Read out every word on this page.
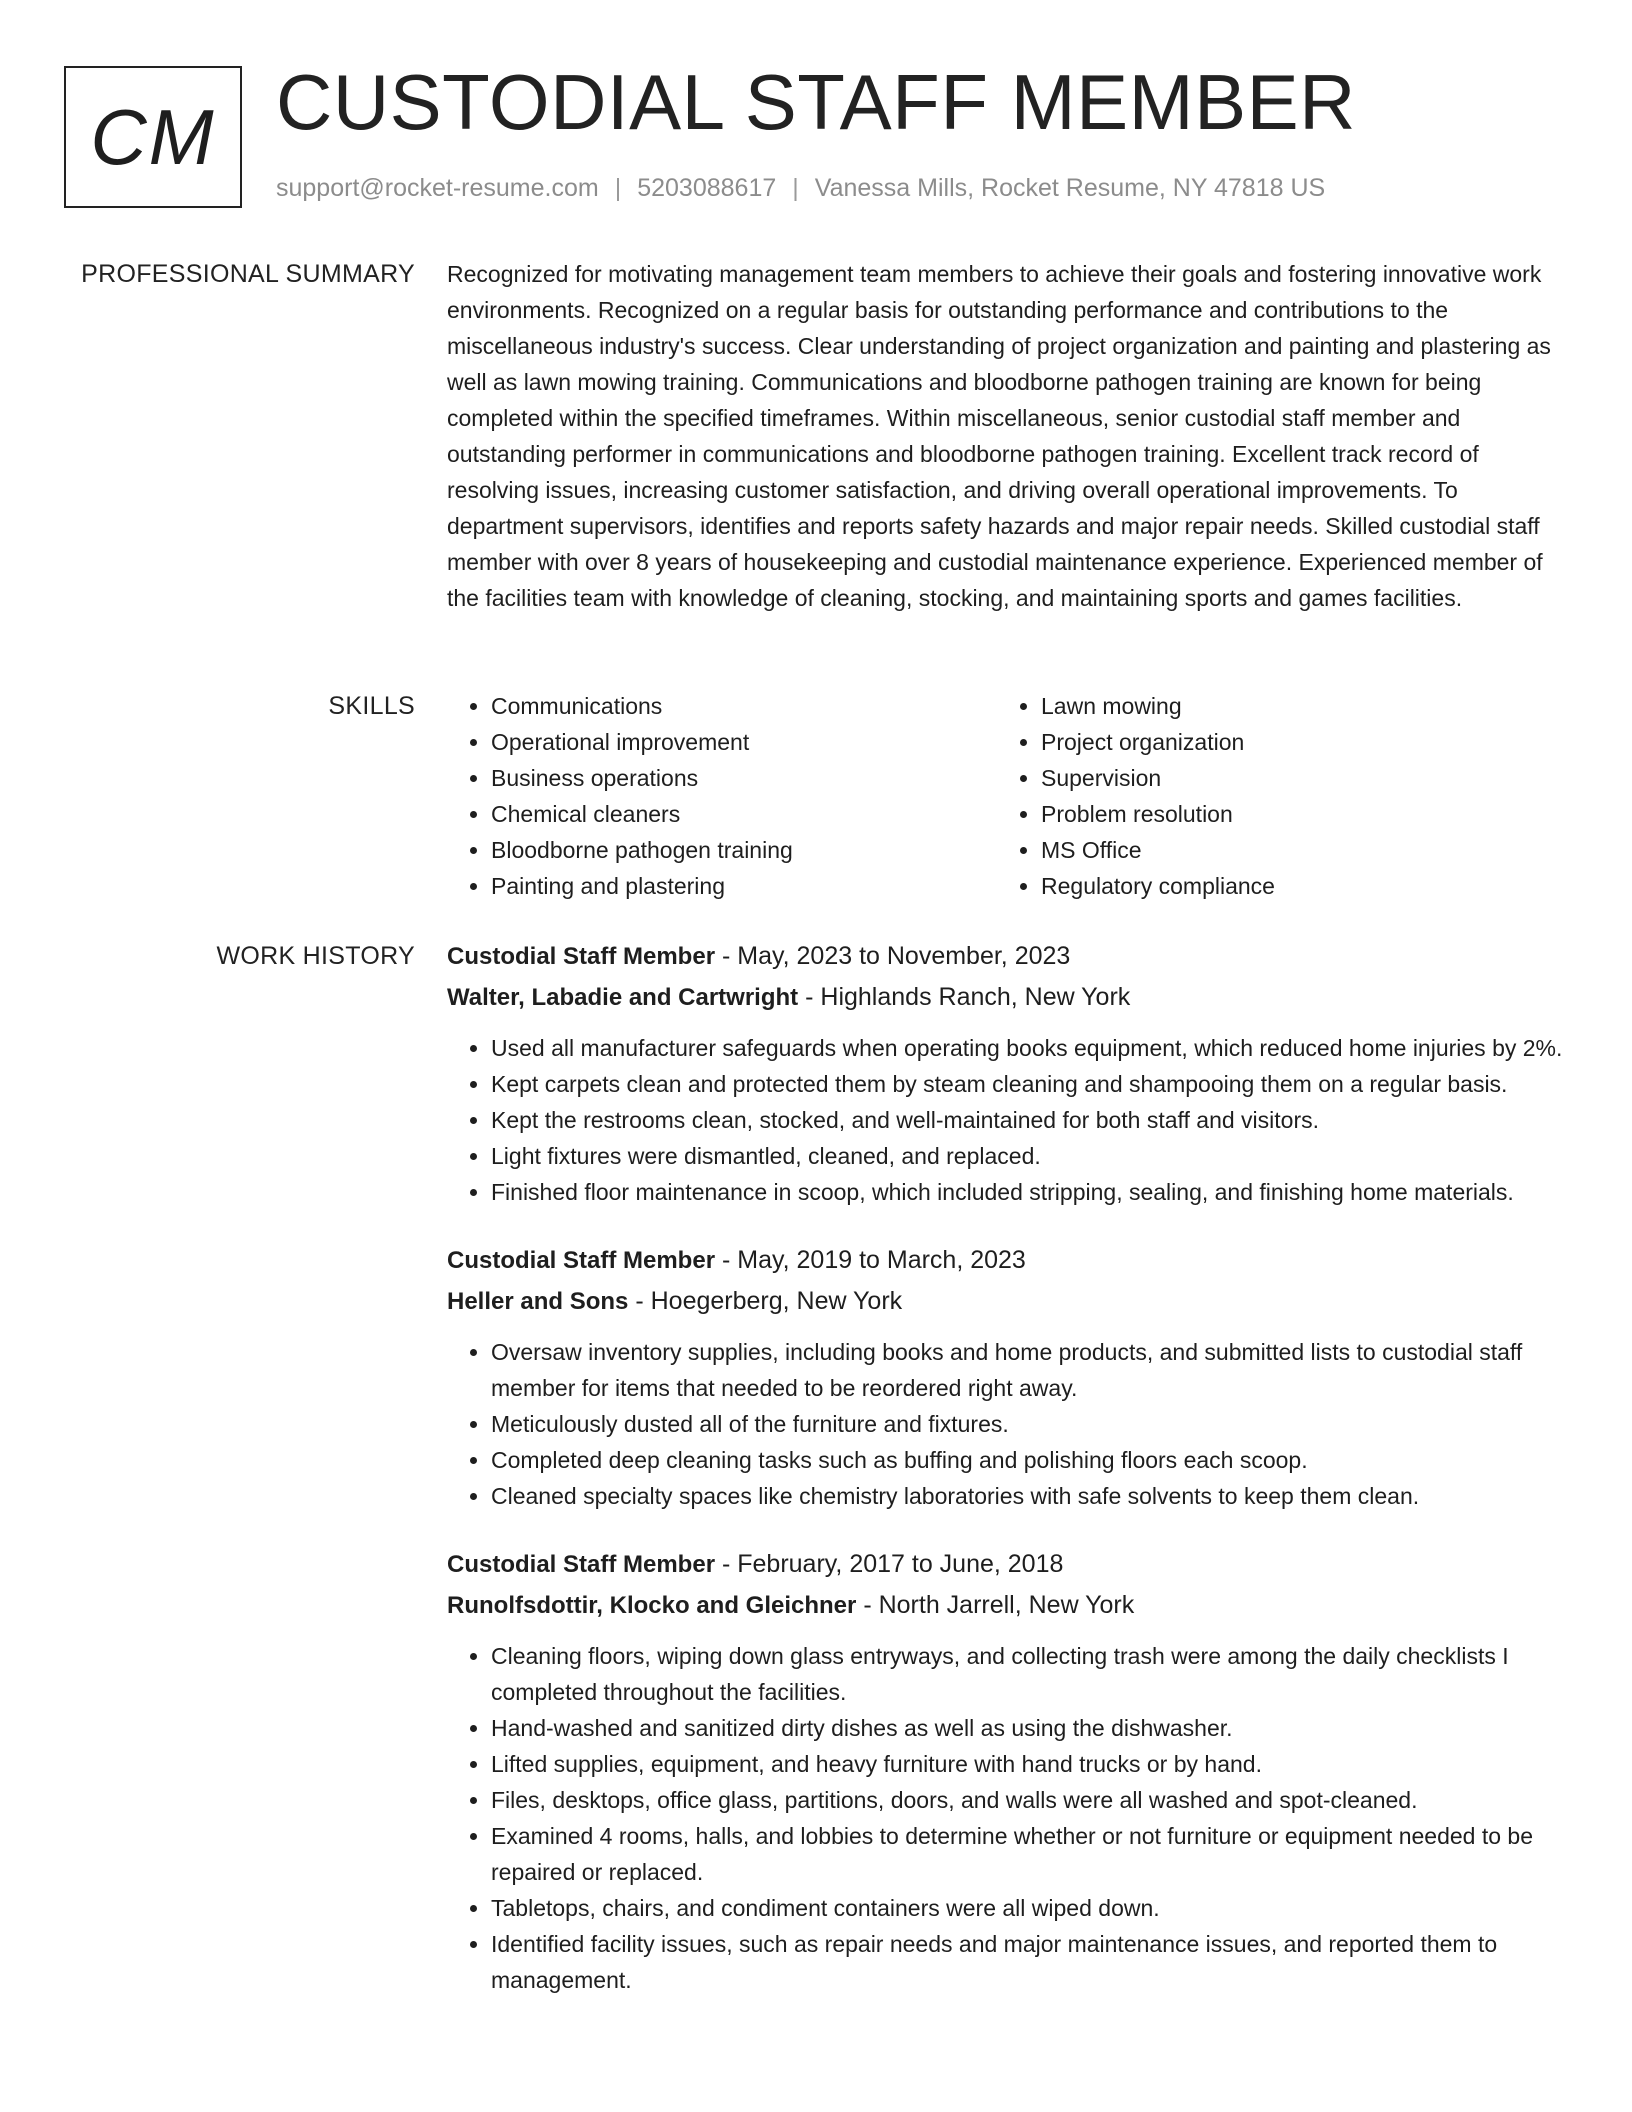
CM CUSTODIAL STAFF MEMBER
support@rocket-resume.com | 5203088617 | Vanessa Mills, Rocket Resume, NY 47818 US
PROFESSIONAL SUMMARY Recognized for motivating management team members to achieve their goals and fostering innovative work environments. Recognized on a regular basis for outstanding performance and contributions to the miscellaneous industry's success. Clear understanding of project organization and painting and plastering as well as lawn mowing training. Communications and bloodborne pathogen training are known for being completed within the specified timeframes. Within miscellaneous, senior custodial staff member and outstanding performer in communications and bloodborne pathogen training. Excellent track record of resolving issues, increasing customer satisfaction, and driving overall operational improvements. To department supervisors, identifies and reports safety hazards and major repair needs. Skilled custodial staff member with over 8 years of housekeeping and custodial maintenance experience. Experienced member of the facilities team with knowledge of cleaning, stocking, and maintaining sports and games facilities.

SKILLS
•	Communications
• Operational improvement
• Business operations
• Chemical cleaners
• Bloodborne pathogen training
• Painting and plastering
• Lawn mowing
• Project organization
• Supervision
• Problem resolution
• MS Office
• Regulatory compliance
WORK HISTORY Custodial Staff Member - May, 2023 to November, 2023
Walter, Labadie and Cartwright - Highlands Ranch, New York
• Used all manufacturer safeguards when operating books equipment, which reduced home injuries by 2%.
• Kept carpets clean and protected them by steam cleaning and shampooing them on a regular basis.
• Kept the restrooms clean, stocked, and well-maintained for both staff and visitors.
• Light fixtures were dismantled, cleaned, and replaced.
• Finished floor maintenance in scoop, which included stripping, sealing, and finishing home materials.
Custodial Staff Member - May, 2019 to March, 2023
Heller and Sons - Hoegerberg, New York
• Oversaw inventory supplies, including books and home products, and submitted lists to custodial staff member for items that needed to be reordered right away.
• Meticulously dusted all of the furniture and fixtures.
• Completed deep cleaning tasks such as buffing and polishing floors each scoop.
• Cleaned specialty spaces like chemistry laboratories with safe solvents to keep them clean.
Custodial Staff Member - February, 2017 to June, 2018
Runolfsdottir, Klocko and Gleichner - North Jarrell, New York
• Cleaning floors, wiping down glass entryways, and collecting trash were among the daily checklists I completed throughout the facilities.
• Hand-washed and sanitized dirty dishes as well as using the dishwasher.
• Lifted supplies, equipment, and heavy furniture with hand trucks or by hand.
• Files, desktops, office glass, partitions, doors, and walls were all washed and spot-cleaned.
• Examined 4 rooms, halls, and lobbies to determine whether or not furniture or equipment needed to be repaired or replaced.
• Tabletops, chairs, and condiment containers were all wiped down.
• Identified facility issues, such as repair needs and major maintenance issues, and reported them to management.
